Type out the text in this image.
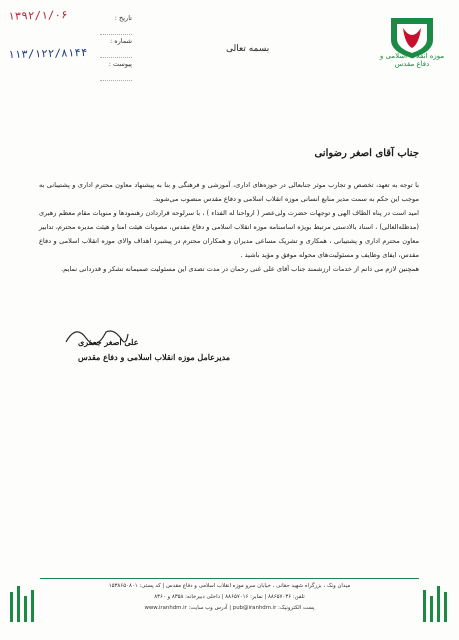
موزه انقلاب اسلامی و دفاع مقدس
بسمه تعالی
تاریخ :
شماره :
پیوست :
۱۳۹۲/۱/۰۶
۱۱۳/۱۲۲/۸۱۴۴
جناب آقای اصغر رضوانی

با توجه به تعهد، تخصص و تجارب موثر جنابعالی در حوزه‌های اداری، آموزشی و فرهنگی و بنا به پیشنهاد معاون محترم اداری و پشتیبانی به موجب این حکم به سمت مدیر منابع انسانی موزه انقلاب اسلامی و دفاع مقدس منصوب می‌شوید.

امید است در پناه الطاف الهی و توجهات حضرت ولی‌عصر ( ارواحنا له الفداء ) ، با سرلوحه قراردادن رهنمودها و منویات مقام معظم رهبری (مدظله‌العالی) ، اسناد بالادستی مرتبط بویژه اساسنامه موزه انقلاب اسلامی و دفاع مقدس، مصوبات هیئت امنا و هیئت مدیره محترم، تدابیر معاون محترم اداری و پشتیبانی ، همکاری و تشریک مساعی مدیران و همکاران محترم در پیشبرد اهداف والای موزه انقلاب اسلامی و دفاع مقدس، ایفای وظایف و مسئولیت‌های محوله موفق و مؤید باشید .

همچنین لازم می دانم از خدمات ارزشمند جناب آقای علی غنی رحمان در مدت تصدی این مسئولیت صمیمانه تشکر و قدردانی نمایم.

علی اصغر جعفری
مدیرعامل موزه انقلاب اسلامی و دفاع مقدس
میدان ونک ، بزرگراه شهید حقانی ، خیابان سرو موزه انقلاب اسلامی و دفاع مقدس | کد پستی: ۱۵۳۸۶۵۰۸۰۱
تلفن: ۸۸۶۵۷۰۳۶ | نمابر: ۸۸۶۵۷۰۱۶ | داخلی دبیرخانه: ۸۳۵۸ و ۸۳۶۰
پست الکترونیک: pub@iranhdm.ir | آدرس وب سایت: www.iranhdm.ir
